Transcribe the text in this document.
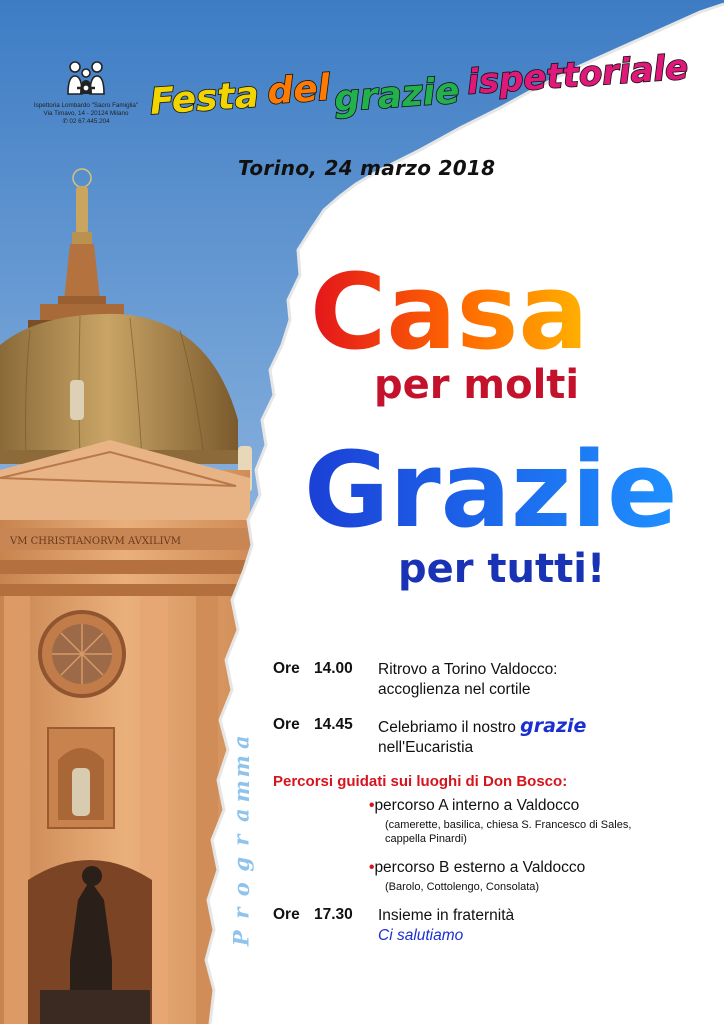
VM CHRISTIANORVM AVXILIVM
Ispettoria Lombardo "Sacro Famiglia"
Via Timavo, 14 - 20124 Milano
✆ 02 67.445.204	Festa del grazie ispettoriale
Torino, 24 marzo 2018
Casa
per molti
Grazie
per tutti!
P
r
o
g
r
a
m
m
a
Ore 14.00 Ritrovo a Torino Valdocco:
accoglienza nel cortile
Ore 14.45 Celebriamo il nostro grazie
nell'Eucaristia
Percorsi guidati sui luoghi di Don Bosco:
•percorso A interno a Valdocco
(camerette, basilica, chiesa S. Francesco di Sales,
cappella Pinardi)
•percorso B esterno a Valdocco
(Barolo, Cottolengo, Consolata)
Ore 17.30 Insieme in fraternità
Ci salutiamo
